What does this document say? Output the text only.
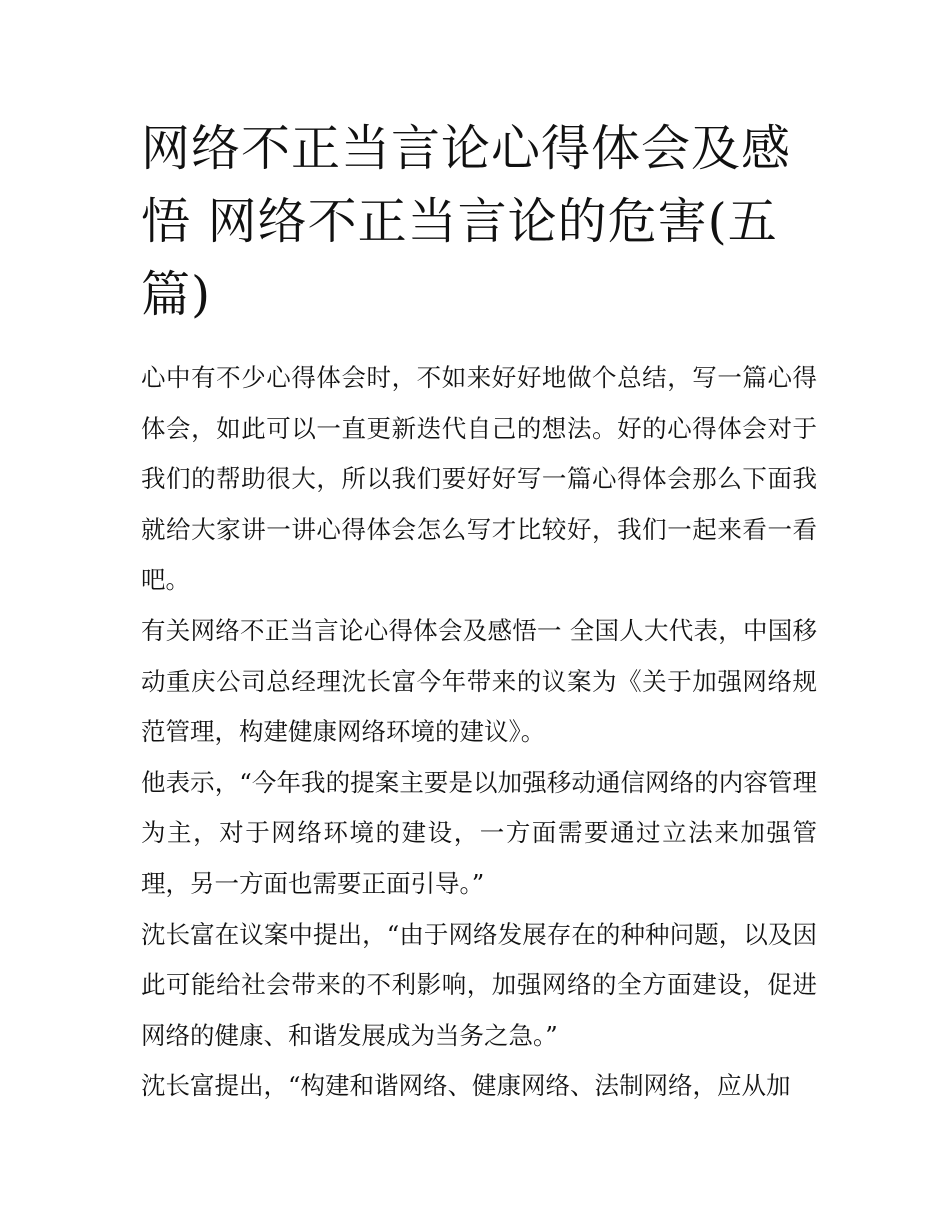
网络不正当言论心得体会及感悟 网络不正当言论的危害(五篇)

心中有不少心得体会时，不如来好好地做个总结，写一篇心得体会，如此可以一直更新迭代自己的想法。好的心得体会对于我们的帮助很大，所以我们要好好写一篇心得体会那么下面我就给大家讲一讲心得体会怎么写才比较好，我们一起来看一看吧。

有关网络不正当言论心得体会及感悟一 全国人大代表，中国移动重庆公司总经理沈长富今年带来的议案为《关于加强网络规范管理，构建健康网络环境的建议》。

他表示，“今年我的提案主要是以加强移动通信网络的内容管理为主，对于网络环境的建设，一方面需要通过立法来加强管理，另一方面也需要正面引导。”

沈长富在议案中提出，“由于网络发展存在的种种问题，以及因此可能给社会带来的不利影响，加强网络的全方面建设，促进网络的健康、和谐发展成为当务之急。”

沈长富提出，“构建和谐网络、健康网络、法制网络，应从加
